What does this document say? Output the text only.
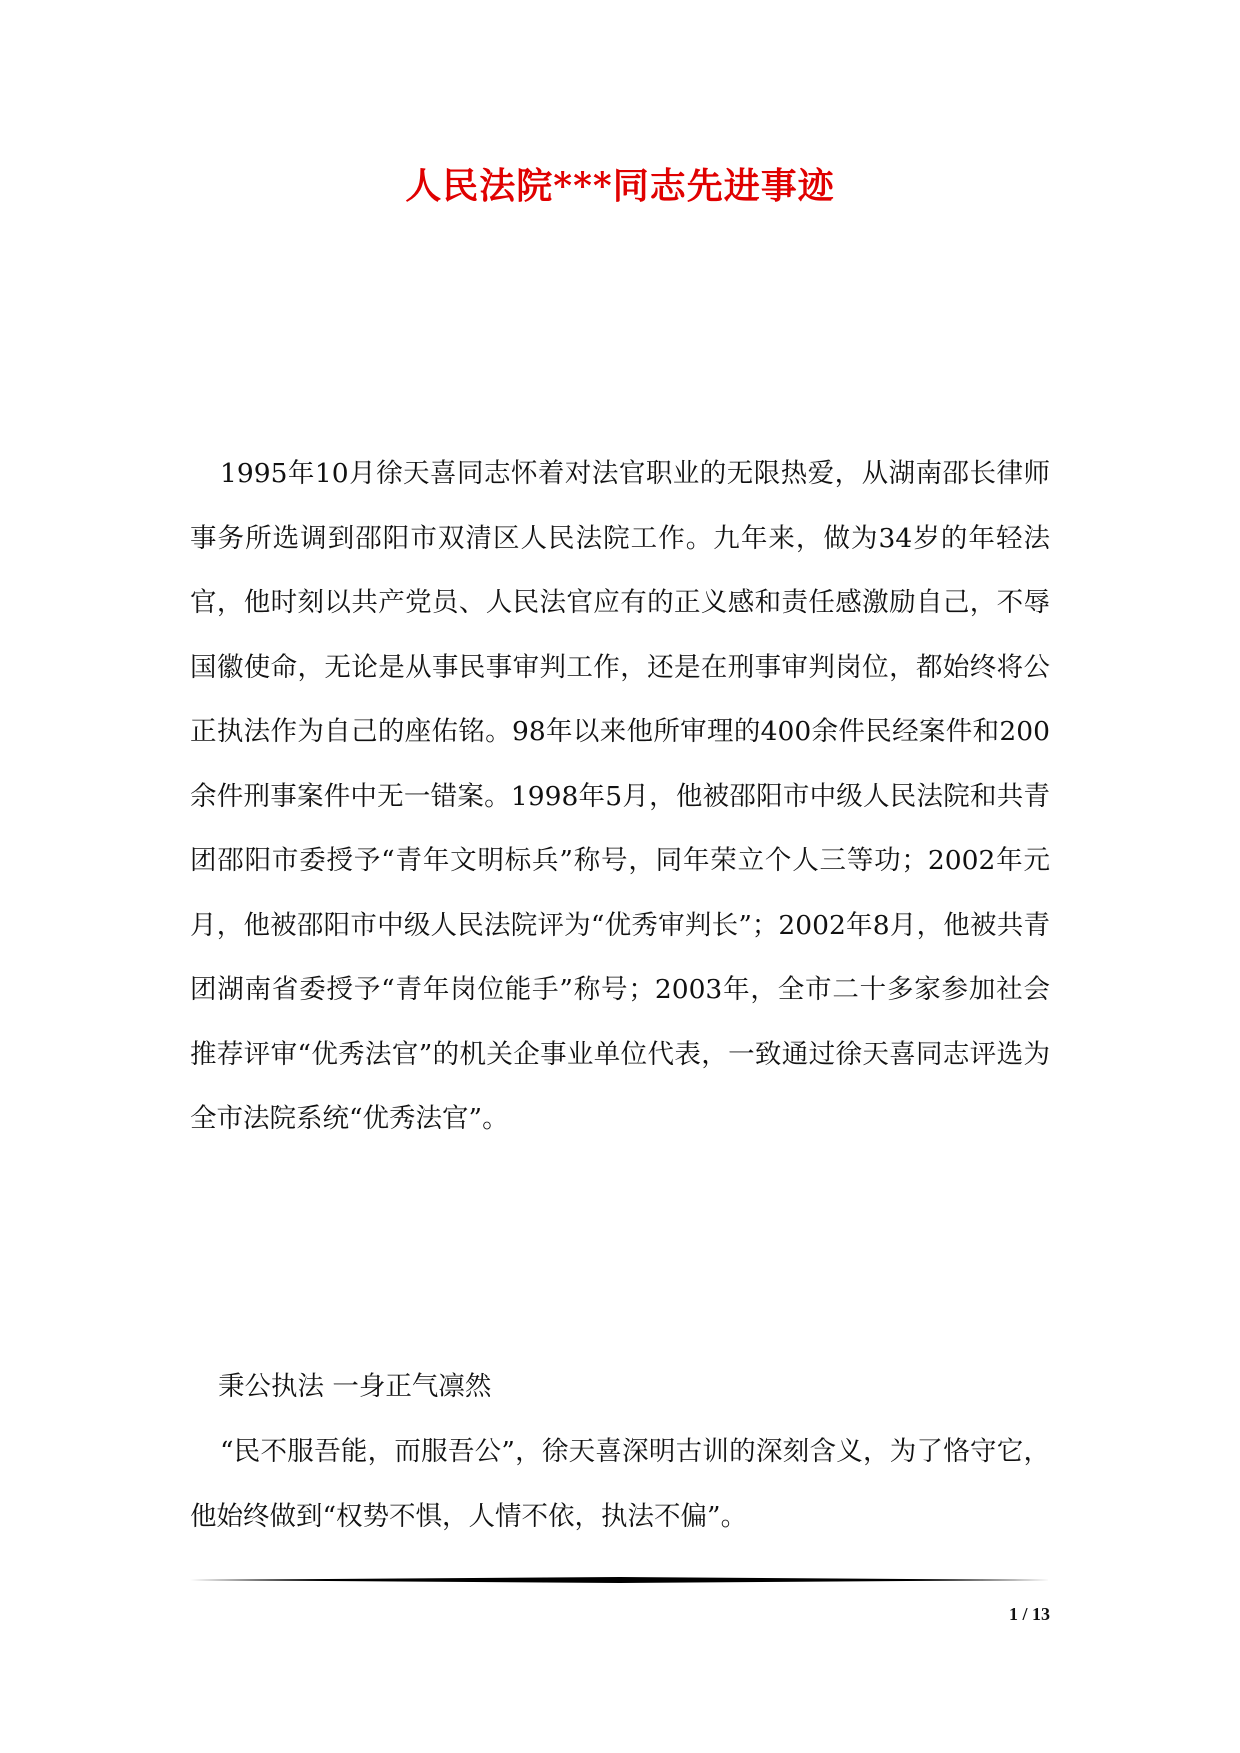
人民法院***同志先进事迹

1995年10月徐天喜同志怀着对法官职业的无限热爱，从湖南邵长律师事务所选调到邵阳市双清区人民法院工作。九年来，做为34岁的年轻法官，他时刻以共产党员、人民法官应有的正义感和责任感激励自己，不辱国徽使命，无论是从事民事审判工作，还是在刑事审判岗位，都始终将公正执法作为自己的座佑铭。98年以来他所审理的400余件民经案件和200余件刑事案件中无一错案。1998年5月，他被邵阳市中级人民法院和共青团邵阳市委授予“青年文明标兵”称号，同年荣立个人三等功；2002年元月，他被邵阳市中级人民法院评为“优秀审判长”；2002年8月，他被共青团湖南省委授予“青年岗位能手”称号；2003年，全市二十多家参加社会推荐评审“优秀法官”的机关企事业单位代表，一致通过徐天喜同志评选为全市法院系统“优秀法官”。

秉公执法 一身正气凛然

“民不服吾能，而服吾公”，徐天喜深明古训的深刻含义，为了恪守它，他始终做到“权势不惧，人情不依，执法不偏”。

1 / 13
